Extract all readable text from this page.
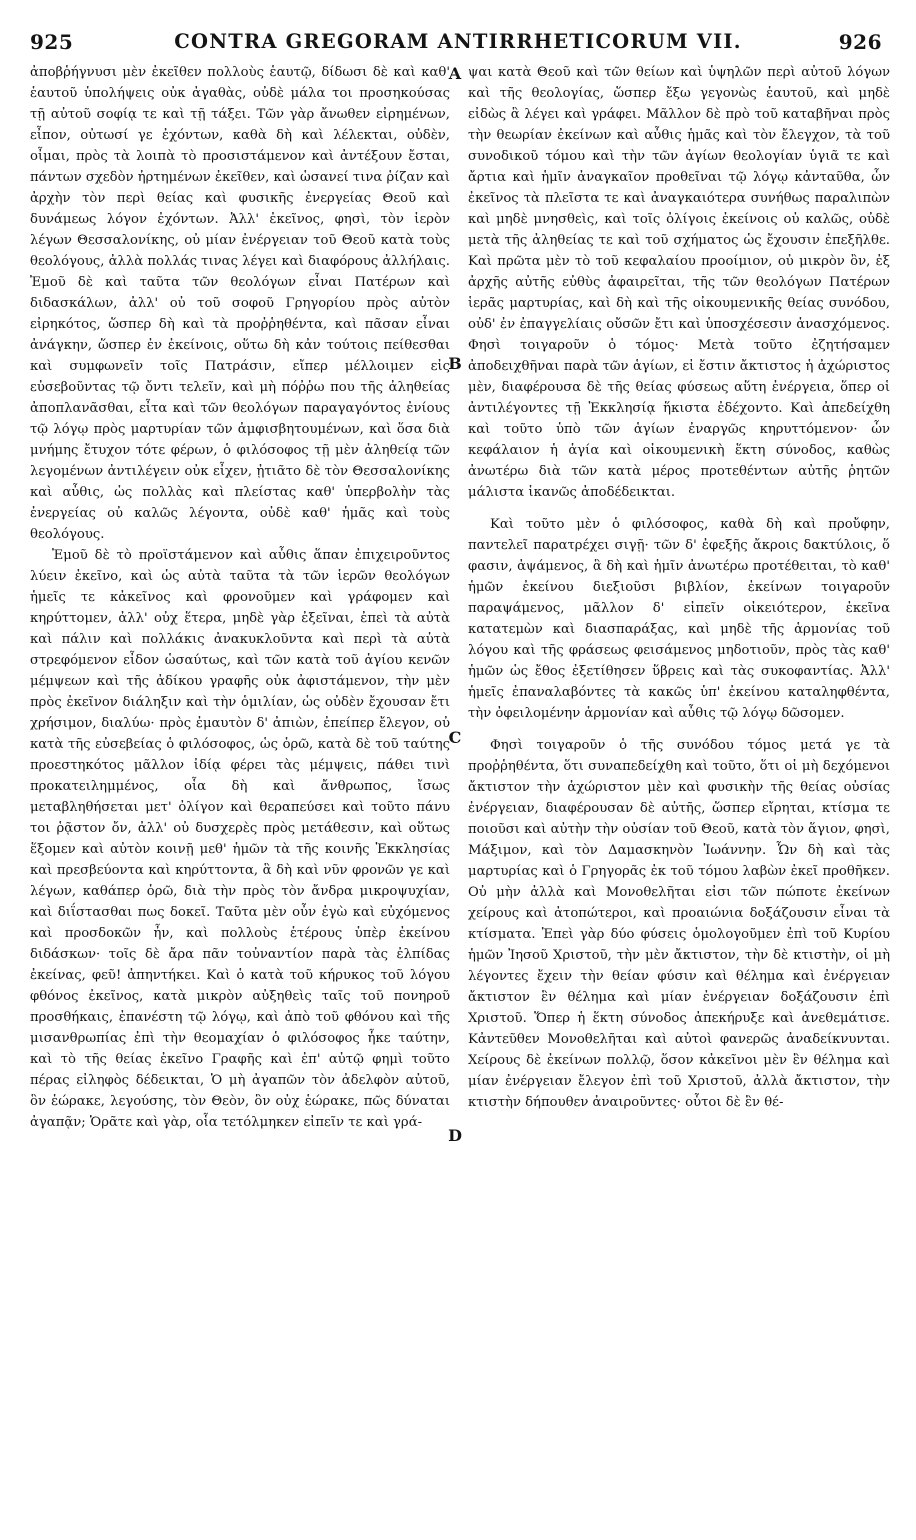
925	CONTRA GREGORAM ANTIRRHETICORUM VII.	926
A
B
C
D

ἀποβῥήγνυσι μὲν ἐκεῖθεν πολλοὺς ἑαυτῷ, δίδωσι δὲ καὶ καθ' ἑαυτοῦ ὑπολήψεις οὐκ ἀγαθὰς, οὐδὲ μάλα τοι προσηκούσας τῇ αὐτοῦ σοφίᾳ τε καὶ τῇ τάξει. Τῶν γὰρ ἄνωθεν εἰρημένων, εἶπον, οὐτωσί γε ἐχόντων, καθὰ δὴ καὶ λέλεκται, οὐδὲν, οἶμαι, πρὸς τὰ λοιπὰ τὸ προσιστάμενον καὶ ἀντέξουν ἔσται, πάντων σχεδὸν ἠρτημένων ἐκεῖθεν, καὶ ὡσανεί τινα ῥίζαν καὶ ἀρχὴν τὸν περὶ θείας καὶ φυσικῆς ἐνεργείας Θεοῦ καὶ δυνάμεως λόγον ἐχόντων. Ἀλλ' ἐκεῖνος, φησὶ, τὸν ἱερὸν λέγων Θεσσαλονίκης, οὐ μίαν ἐνέργειαν τοῦ Θεοῦ κατὰ τοὺς θεολόγους, ἀλλὰ πολλάς τινας λέγει καὶ διαφόρους ἀλλήλαις. Ἐμοῦ δὲ καὶ ταῦτα τῶν θεολόγων εἶναι Πατέρων καὶ διδασκάλων, ἀλλ' οὐ τοῦ σοφοῦ Γρηγορίου πρὸς αὐτὸν εἰρηκότος, ὥσπερ δὴ καὶ τὰ προῤῥηθέντα, καὶ πᾶσαν εἶναι ἀνάγκην, ὥσπερ ἐν ἐκείνοις, οὕτω δὴ κἀν τούτοις πείθεσθαι καὶ συμφωνεῖν τοῖς Πατράσιν, εἴπερ μέλλοιμεν εἰς εὐσεβοῦντας τῷ ὄντι τελεῖν, καὶ μὴ πόῤῥω που τῆς ἀληθείας ἀποπλανᾶσθαι, εἶτα καὶ τῶν θεολόγων παραγαγόντος ἐνίους τῷ λόγῳ πρὸς μαρτυρίαν τῶν ἀμφισβητουμένων, καὶ ὅσα διὰ μνήμης ἔτυχον τότε φέρων, ὁ φιλόσοφος τῇ μὲν ἀληθείᾳ τῶν λεγομένων ἀντιλέγειν οὐκ εἶχεν, ᾐτιᾶτο δὲ τὸν Θεσσαλονίκης καὶ αὖθις, ὡς πολλὰς καὶ πλείστας καθ' ὑπερβολὴν τὰς ἐνεργείας οὐ καλῶς λέγοντα, οὐδὲ καθ' ἡμᾶς καὶ τοὺς θεολόγους.

Ἐμοῦ δὲ τὸ προϊστάμενον καὶ αὖθις ἅπαν ἐπιχειροῦντος λύειν ἐκεῖνο, καὶ ὡς αὐτὰ ταῦτα τὰ τῶν ἱερῶν θεολόγων ἡμεῖς τε κἀκεῖνος καὶ φρονοῦμεν καὶ γράφομεν καὶ κηρύττομεν, ἀλλ' οὐχ ἕτερα, μηδὲ γὰρ ἐξεῖναι, ἐπεὶ τὰ αὐτὰ καὶ πάλιν καὶ πολλάκις ἀνακυκλοῦντα καὶ περὶ τὰ αὐτὰ στρεφόμενον εἶδον ὡσαύτως, καὶ τῶν κατὰ τοῦ ἁγίου κενῶν μέμψεων καὶ τῆς ἀδίκου γραφῆς οὐκ ἀφιστάμενον, τὴν μὲν πρὸς ἐκεῖνον διάληξιν καὶ τὴν ὁμιλίαν, ὡς οὐδὲν ἔχουσαν ἔτι χρήσιμον, διαλύω· πρὸς ἐμαυτὸν δ' ἀπιὼν, ἐπείπερ ἔλεγον, οὐ κατὰ τῆς εὐσεβείας ὁ φιλόσοφος, ὡς ὁρῶ, κατὰ δὲ τοῦ ταύτης προεστηκότος μᾶλλον ἰδίᾳ φέρει τὰς μέμψεις, πάθει τινὶ προκατειλημμένος, οἷα δὴ καὶ ἄνθρωπος, ἴσως μεταβληθήσεται μετ' ὀλίγον καὶ θεραπεύσει καὶ τοῦτο πάνυ τοι ῥᾷστον ὄν, ἀλλ' οὐ δυσχερὲς πρὸς μετάθεσιν, καὶ οὕτως ἕξομεν καὶ αὐτὸν κοινῇ μεθ' ἡμῶν τὰ τῆς κοινῆς Ἐκκλησίας καὶ πρεσβεύοντα καὶ κηρύττοντα, ἃ δὴ καὶ νῦν φρονῶν γε καὶ λέγων, καθάπερ ὁρῶ, διὰ τὴν πρὸς τὸν ἄνδρα μικροψυχίαν, καὶ διΐστασθαι πως δοκεῖ. Ταῦτα μὲν οὖν ἐγὼ καὶ εὐχόμενος καὶ προσδοκῶν ἦν, καὶ πολλοὺς ἑτέρους ὑπὲρ ἐκείνου διδάσκων· τοῖς δὲ ἄρα πᾶν τοὐναντίον παρὰ τὰς ἐλπίδας ἐκείνας, φεῦ! ἀπηντήκει. Καὶ ὁ κατὰ τοῦ κήρυκος τοῦ λόγου φθόνος ἐκεῖνος, κατὰ μικρὸν αὐξηθεὶς ταῖς τοῦ πονηροῦ προσθήκαις, ἐπανέστη τῷ λόγῳ, καὶ ἀπὸ τοῦ φθόνου καὶ τῆς μισανθρωπίας ἐπὶ τὴν θεομαχίαν ὁ φιλόσοφος ἧκε ταύτην, καὶ τὸ τῆς θείας ἐκεῖνο Γραφῆς καὶ ἐπ' αὐτῷ φημὶ τοῦτο πέρας εἰληφὸς δέδεικται, Ὁ μὴ ἀγαπῶν τὸν ἀδελφὸν αὐτοῦ, ὃν ἑώρακε, λεγούσης, τὸν Θεὸν, ὃν οὐχ ἑώρακε, πῶς δύναται ἀγαπᾷν; Ὁρᾶτε καὶ γὰρ, οἷα τετόλμηκεν εἰπεῖν τε καὶ γρά-

ψαι κατὰ Θεοῦ καὶ τῶν θείων καὶ ὑψηλῶν περὶ αὐτοῦ λόγων καὶ τῆς θεολογίας, ὥσπερ ἔξω γεγονὼς ἑαυτοῦ, καὶ μηδὲ εἰδὼς ἃ λέγει καὶ γράφει. Μᾶλλον δὲ πρὸ τοῦ καταβῆναι πρὸς τὴν θεωρίαν ἐκείνων καὶ αὖθις ἡμᾶς καὶ τὸν ἔλεγχον, τὰ τοῦ συνοδικοῦ τόμου καὶ τὴν τῶν ἁγίων θεολογίαν ὑγιᾶ τε καὶ ἄρτια καὶ ἡμῖν ἀναγκαῖον προθεῖναι τῷ λόγῳ κἀνταῦθα, ὧν ἐκεῖνος τὰ πλεῖστα τε καὶ ἀναγκαιότερα συνήθως παραλιπὼν καὶ μηδὲ μνησθεὶς, καὶ τοῖς ὀλίγοις ἐκείνοις οὐ καλῶς, οὐδὲ μετὰ τῆς ἀληθείας τε καὶ τοῦ σχήματος ὡς ἔχουσιν ἐπεξῆλθε. Καὶ πρῶτα μὲν τὸ τοῦ κεφαλαίου προοίμιον, οὐ μικρὸν ὂν, ἐξ ἀρχῆς αὐτῆς εὐθὺς ἀφαιρεῖται, τῆς τῶν θεολόγων Πατέρων ἱερᾶς μαρτυρίας, καὶ δὴ καὶ τῆς οἰκουμενικῆς θείας συνόδου, οὐδ' ἐν ἐπαγγελίαις οὔσῶν ἔτι καὶ ὑποσχέσεσιν ἀνασχόμενος. Φησὶ τοιγαροῦν ὁ τόμος· Μετὰ τοῦτο ἐζητήσαμεν ἀποδειχθῆναι παρὰ τῶν ἁγίων, εἰ ἔστιν ἄκτιστος ἡ ἀχώριστος μὲν, διαφέρουσα δὲ τῆς θείας φύσεως αὕτη ἐνέργεια, ὅπερ οἱ ἀντιλέγοντες τῇ Ἐκκλησίᾳ ἥκιστα ἐδέχοντο. Καὶ ἀπεδείχθη καὶ τοῦτο ὑπὸ τῶν ἁγίων ἐναργῶς κηρυττόμενον· ὧν κεφάλαιον ἡ ἁγία καὶ οἰκουμενικὴ ἕκτη σύνοδος, καθὼς ἀνωτέρω διὰ τῶν κατὰ μέρος προτεθέντων αὐτῆς ῥητῶν μάλιστα ἱκανῶς ἀποδέδεικται.

Καὶ τοῦτο μὲν ὁ φιλόσοφος, καθὰ δὴ καὶ προὔφην, παντελεῖ παρατρέχει σιγῇ· τῶν δ' ἐφεξῆς ἄκροις δακτύλοις, ὅ φασιν, ἀψάμενος, ἃ δὴ καὶ ἡμῖν ἀνωτέρω προτέθειται, τὸ καθ' ἡμῶν ἐκείνου διεξιοῦσι βιβλίον, ἐκείνων τοιγαροῦν παραψάμενος, μᾶλλον δ' εἰπεῖν οἰκειότερον, ἐκεῖνα κατατεμὼν καὶ διασπαράξας, καὶ μηδὲ τῆς ἁρμονίας τοῦ λόγου καὶ τῆς φράσεως φεισάμενος μηδοτιοῦν, πρὸς τὰς καθ' ἡμῶν ὡς ἔθος ἐξετίθησεν ὕβρεις καὶ τὰς συκοφαντίας. Ἀλλ' ἡμεῖς ἐπαναλαβόντες τὰ κακῶς ὑπ' ἐκείνου καταληφθέντα, τὴν ὀφειλομένην ἁρμονίαν καὶ αὖθις τῷ λόγῳ δῶσομεν.

Φησὶ τοιγαροῦν ὁ τῆς συνόδου τόμος μετά γε τὰ προῤῥηθέντα, ὅτι συναπεδείχθη καὶ τοῦτο, ὅτι οἱ μὴ δεχόμενοι ἄκτιστον τὴν ἀχώριστον μὲν καὶ φυσικὴν τῆς θείας οὐσίας ἐνέργειαν, διαφέρουσαν δὲ αὐτῆς, ὥσπερ εἴρηται, κτίσμα τε ποιοῦσι καὶ αὐτὴν τὴν οὐσίαν τοῦ Θεοῦ, κατὰ τὸν ἅγιον, φησὶ, Μάξιμον, καὶ τὸν Δαμασκηνὸν Ἰωάννην. Ὧν δὴ καὶ τὰς μαρτυρίας καὶ ὁ Γρηγορᾶς ἐκ τοῦ τόμου λαβὼν ἐκεῖ προθῆκεν. Οὐ μὴν ἀλλὰ καὶ Μονοθελῆται εἰσι τῶν πώποτε ἐκείνων χείρους καὶ ἀτοπώτεροι, καὶ προαιώνια δοξάζουσιν εἶναι τὰ κτίσματα. Ἐπεὶ γὰρ δύο φύσεις ὁμολογοῦμεν ἐπὶ τοῦ Κυρίου ἡμῶν Ἰησοῦ Χριστοῦ, τὴν μὲν ἄκτιστον, τὴν δὲ κτιστὴν, οἱ μὴ λέγοντες ἔχειν τὴν θείαν φύσιν καὶ θέλημα καὶ ἐνέργειαν ἄκτιστον ἓν θέλημα καὶ μίαν ἐνέργειαν δοξάζουσιν ἐπὶ Χριστοῦ. Ὅπερ ἡ ἕκτη σύνοδος ἀπεκήρυξε καὶ ἀνεθεμάτισε. Κἀντεῦθεν Μονοθελῆται καὶ αὐτοὶ φανερῶς ἀναδείκνυνται. Χείρους δὲ ἐκείνων πολλῷ, ὅσον κἀκεῖνοι μὲν ἓν θέλημα καὶ μίαν ἐνέργειαν ἔλεγον ἐπὶ τοῦ Χριστοῦ, ἀλλὰ ἄκτιστον, τὴν κτιστὴν δήπουθεν ἀναιροῦντες· οὗτοι δὲ ἓν θέ-
